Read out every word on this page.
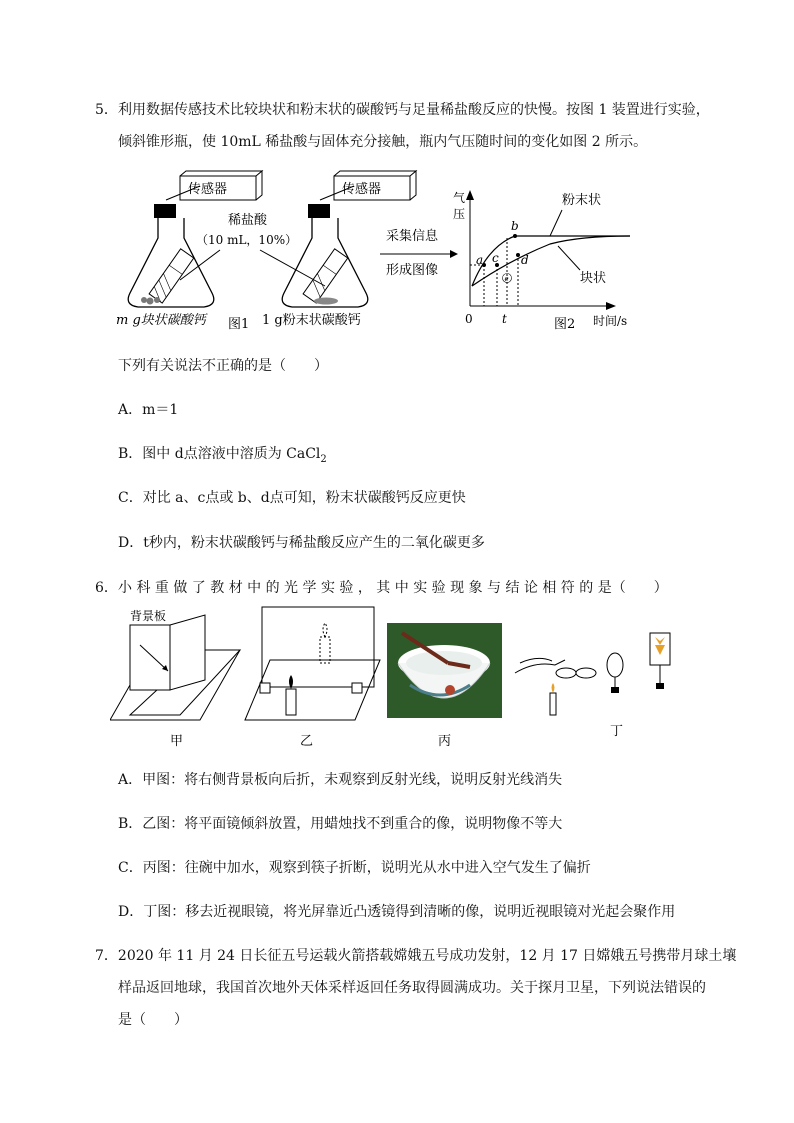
5． 利用数据传感技术比较块状和粉末状的碳酸钙与足量稀盐酸反应的快慢。按图 1 装置进行实验，
倾斜锥形瓶，使 10mL 稀盐酸与固体充分接触，瓶内气压随时间的变化如图 2 所示。
传感器
稀盐酸
（10 mL，10%）
m g块状碳酸钙 图1
传感器
1 g粉末状碳酸钙
采集信息
形成图像
气
压
时间/s
0 t	图2
a
b
c d
e
粉末状
块状
下列有关说法不正确的是（　　）
A．m＝1
B．图中 d点溶液中溶质为 CaCl$_2$
C．对比 a、c点或 b、d点可知，粉末状碳酸钙反应更快
D．t秒内，粉末状碳酸钙与稀盐酸反应产生的二氧化碳更多
6． 小 科 重 做 了 教 材 中 的 光 学 实 验 ， 其 中 实 验 现 象 与 结 论 相 符 的 是（　　）
背景板
甲	乙	丙
丁
A．甲图：将右侧背景板向后折，未观察到反射光线，说明反射光线消失
B．乙图：将平面镜倾斜放置，用蜡烛找不到重合的像，说明物像不等大
C．丙图：往碗中加水，观察到筷子折断，说明光从水中进入空气发生了偏折
D．丁图：移去近视眼镜，将光屏靠近凸透镜得到清晰的像，说明近视眼镜对光起会聚作用
7．2020 年 11 月 24 日长征五号运载火箭搭载嫦娥五号成功发射，12 月 17 日嫦娥五号携带月球土壤
样品返回地球，我国首次地外天体采样返回任务取得圆满成功。关于探月卫星，下列说法错误的
是（　　）
